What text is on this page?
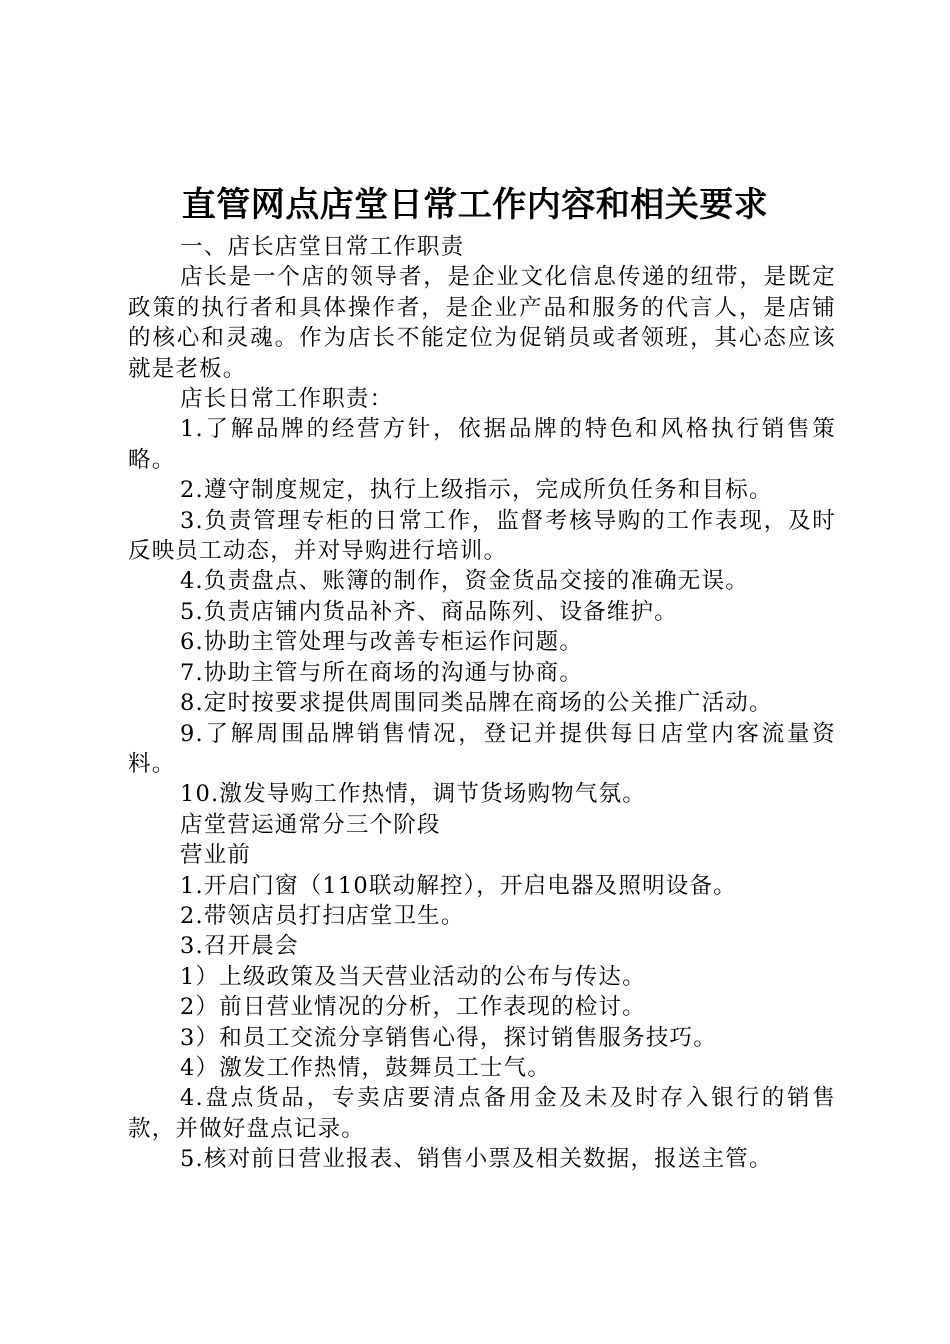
直管网点店堂日常工作内容和相关要求

一、店长店堂日常工作职责

店长是一个店的领导者，是企业文化信息传递的纽带，是既定政策的执行者和具体操作者，是企业产品和服务的代言人，是店铺的核心和灵魂。作为店长不能定位为促销员或者领班，其心态应该就是老板。

店长日常工作职责：

1.了解品牌的经营方针，依据品牌的特色和风格执行销售策略。

2.遵守制度规定，执行上级指示，完成所负任务和目标。

3.负责管理专柜的日常工作，监督考核导购的工作表现，及时反映员工动态，并对导购进行培训。

4.负责盘点、账簿的制作，资金货品交接的准确无误。

5.负责店铺内货品补齐、商品陈列、设备维护。

6.协助主管处理与改善专柜运作问题。

7.协助主管与所在商场的沟通与协商。

8.定时按要求提供周围同类品牌在商场的公关推广活动。

9.了解周围品牌销售情况，登记并提供每日店堂内客流量资料。

10.激发导购工作热情，调节货场购物气氛。

店堂营运通常分三个阶段

营业前

1.开启门窗（110联动解控），开启电器及照明设备。

2.带领店员打扫店堂卫生。

3.召开晨会

1）上级政策及当天营业活动的公布与传达。

2）前日营业情况的分析，工作表现的检讨。

3）和员工交流分享销售心得，探讨销售服务技巧。

4）激发工作热情，鼓舞员工士气。

4.盘点货品，专卖店要清点备用金及未及时存入银行的销售款，并做好盘点记录。

5.核对前日营业报表、销售小票及相关数据，报送主管。
